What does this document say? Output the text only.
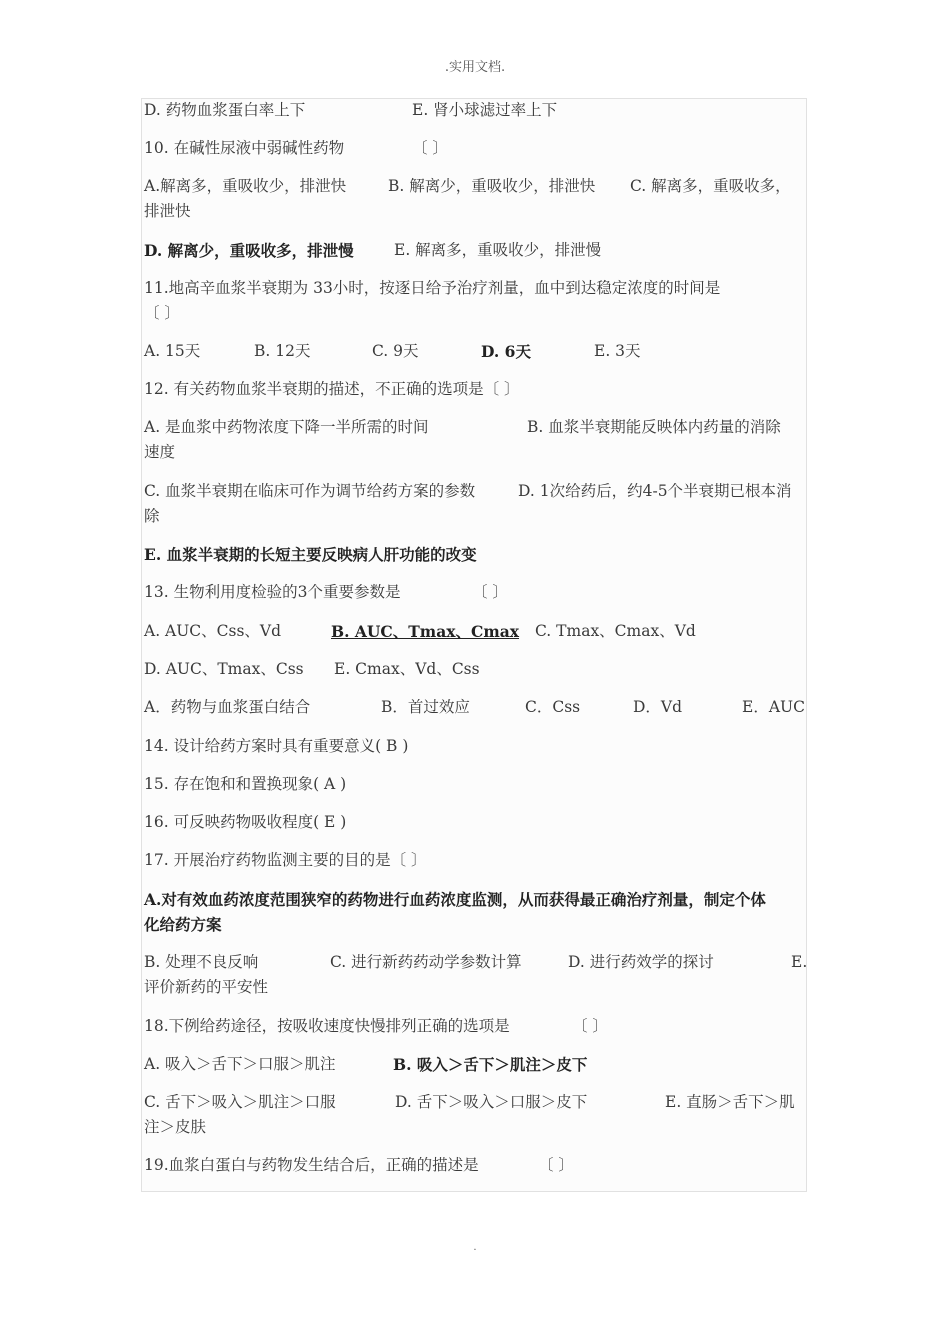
.实用文档.
D. 药物血浆蛋白率上下	E. 肾小球滤过率上下
10. 在碱性尿液中弱碱性药物	〔 〕
A.解离多，重吸收少，排泄快	B. 解离少，重吸收少，排泄快 C. 解离多，重吸收多，
排泄快
D. 解离少，重吸收多，排泄慢	E. 解离多，重吸收少，排泄慢
11.地高辛血浆半衰期为 33小时，按逐日给予治疗剂量，血中到达稳定浓度的时间是
〔 〕
A. 15天	B. 12天	C. 9天	D. 6天	E. 3天
12. 有关药物血浆半衰期的描述，不正确的选项是〔 〕
A. 是血浆中药物浓度下降一半所需的时间	B. 血浆半衰期能反映体内药量的消除
速度
C. 血浆半衰期在临床可作为调节给药方案的参数	D. 1次给药后，约4-5个半衰期已根本消
除
E. 血浆半衰期的长短主要反映病人肝功能的改变
13. 生物利用度检验的3个重要参数是	〔 〕
A. AUC、Css、Vd	B. AUC、Tmax、Cmax C. Tmax、Cmax、Vd
D. AUC、Tmax、Css E. Cmax、Vd、Css
A．药物与血浆蛋白结合	B．首过效应	C．Css	D．Vd	E．AUC
14. 设计给药方案时具有重要意义( B )
15. 存在饱和和置换现象( A )
16. 可反映药物吸收程度( E )
17. 开展治疗药物监测主要的目的是〔 〕
A.对有效血药浓度范围狭窄的药物进行血药浓度监测，从而获得最正确治疗剂量，制定个体
化给药方案
B. 处理不良反响	C. 进行新药药动学参数计算	D. 进行药效学的探讨	E.
评价新药的平安性
18.下例给药途径，按吸收速度快慢排列正确的选项是	〔 〕
A. 吸入＞舌下＞口服＞肌注	B. 吸入＞舌下＞肌注＞皮下
C. 舌下＞吸入＞肌注＞口服	D. 舌下＞吸入＞口服＞皮下	E. 直肠＞舌下＞肌
注＞皮肤
19.血浆白蛋白与药物发生结合后，正确的描述是	〔 〕
.
